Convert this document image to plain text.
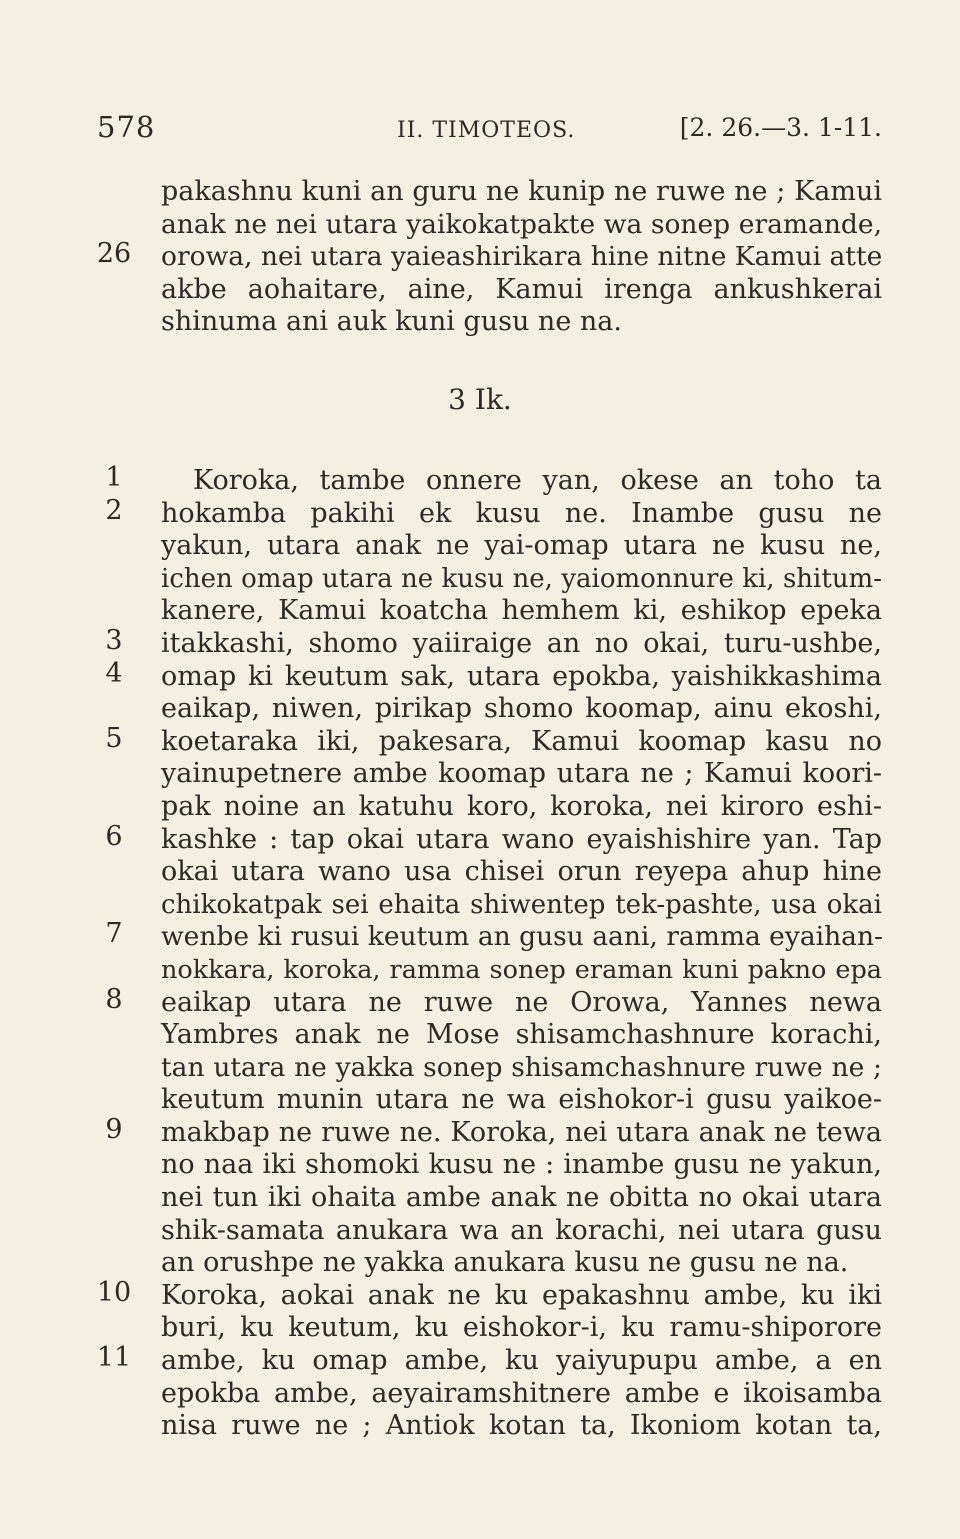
578	II. TIMOTEOS.	[2. 26.—3. 1-11.
pakashnu kuni an guru ne kunip ne ruwe ne ; Kamui
anak ne nei utara yaikokatpakte wa sonep eramande,
26 orowa, nei utara yaieashirikara hine nitne Kamui atte
akbe aohaitare, aine, Kamui irenga ankushkerai
shinuma ani auk kuni gusu ne na.
3 Ik.
1	Koroka, tambe onnere yan, okese an toho ta
2	hokamba pakihi ek kusu ne. Inambe gusu ne
yakun, utara anak ne yai-omap utara ne kusu ne,
ichen omap utara ne kusu ne, yaiomonnure ki, shitum-
kanere, Kamui koatcha hemhem ki, eshikop epeka
3	itakkashi, shomo yaiiraige an no okai, turu-ushbe,
4	omap ki keutum sak, utara epokba, yaishikkashima
eaikap, niwen, pirikap shomo koomap, ainu ekoshi,
5	koetaraka iki, pakesara, Kamui koomap kasu no
yainupetnere ambe koomap utara ne ; Kamui koori-
pak noine an katuhu koro, koroka, nei kiroro eshi-
6	kashke : tap okai utara wano eyaishishire yan. Tap
okai utara wano usa chisei orun reyepa ahup hine
chikokatpak sei ehaita shiwentep tek-pashte, usa okai
7	wenbe ki rusui keutum an gusu aani, ramma eyaihan-
nokkara, koroka, ramma sonep eraman kuni pakno epa
8	eaikap utara ne ruwe ne Orowa, Yannes newa
Yambres anak ne Mose shisamchashnure korachi,
tan utara ne yakka sonep shisamchashnure ruwe ne ;
keutum munin utara ne wa eishokor-i gusu yaikoe-
9	makbap ne ruwe ne. Koroka, nei utara anak ne tewa
no naa iki shomoki kusu ne : inambe gusu ne yakun,
nei tun iki ohaita ambe anak ne obitta no okai utara
shik-samata anukara wa an korachi, nei utara gusu
an orushpe ne yakka anukara kusu ne gusu ne na.
10 Koroka, aokai anak ne ku epakashnu ambe, ku iki
buri, ku keutum, ku eishokor-i, ku ramu-shiporore
11 ambe, ku omap ambe, ku yaiyupupu ambe, a en
epokba ambe, aeyairamshitnere ambe e ikoisamba
nisa ruwe ne ; Antiok kotan ta, Ikoniom kotan ta,
